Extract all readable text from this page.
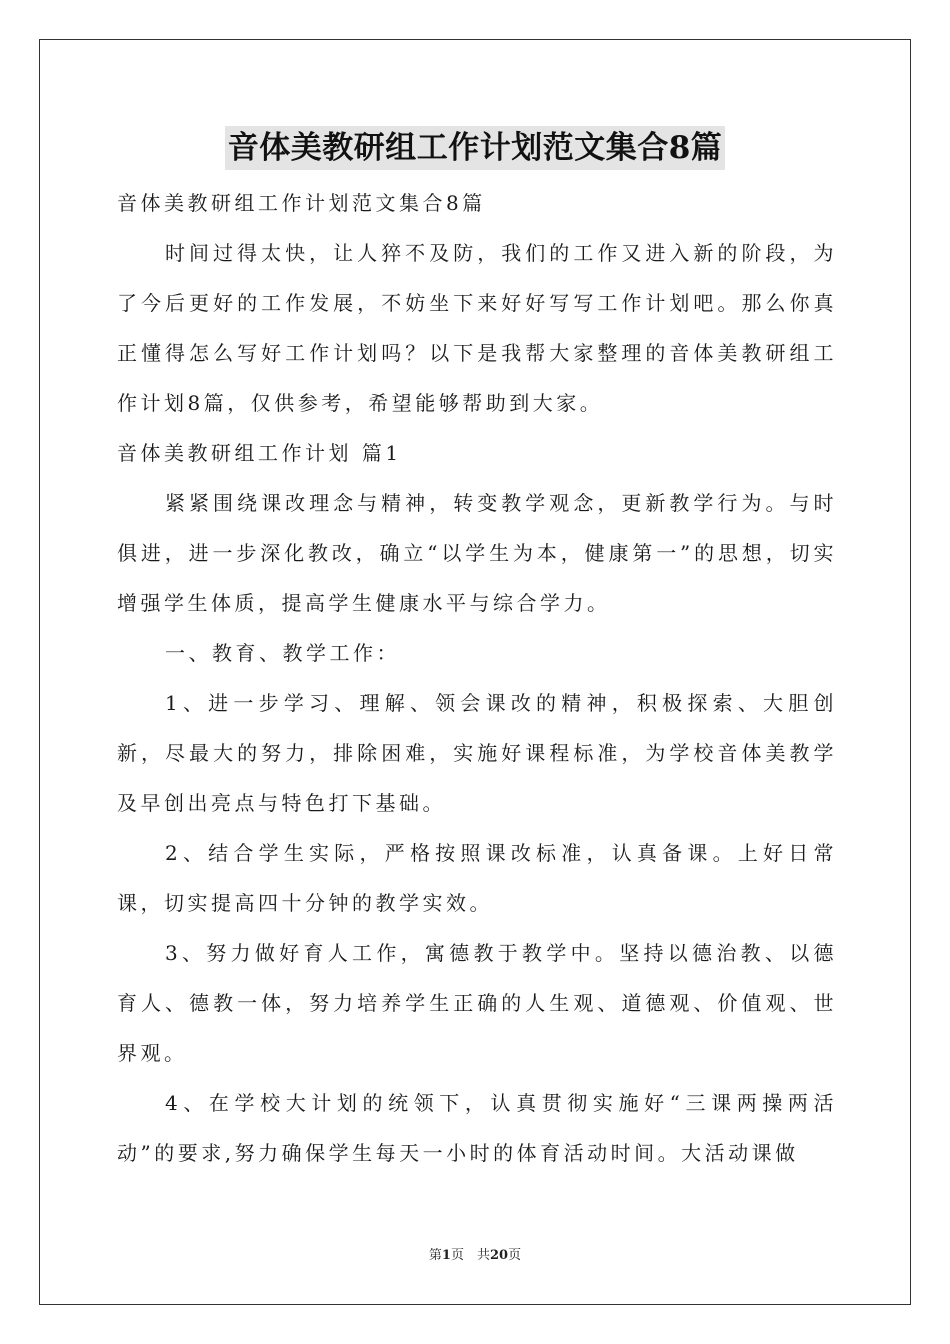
音体美教研组工作计划范文集合8篇

音体美教研组工作计划范文集合8篇

时间过得太快，让人猝不及防，我们的工作又进入新的阶段，为了今后更好的工作发展，不妨坐下来好好写写工作计划吧。那么你真正懂得怎么写好工作计划吗？以下是我帮大家整理的音体美教研组工作计划8篇，仅供参考，希望能够帮助到大家。

音体美教研组工作计划 篇1

紧紧围绕课改理念与精神，转变教学观念，更新教学行为。与时俱进，进一步深化教改，确立“以学生为本，健康第一”的思想，切实增强学生体质，提高学生健康水平与综合学力。

一、教育、教学工作：

1、进一步学习、理解、领会课改的精神，积极探索、大胆创新，尽最大的努力，排除困难，实施好课程标准，为学校音体美教学及早创出亮点与特色打下基础。

2、结合学生实际，严格按照课改标准，认真备课。上好日常课，切实提高四十分钟的教学实效。

3、努力做好育人工作，寓德教于教学中。坚持以德治教、以德育人、德教一体，努力培养学生正确的人生观、道德观、价值观、世界观。

4、在学校大计划的统领下，认真贯彻实施好“三课两操两活动”的要求,努力确保学生每天一小时的体育活动时间。大活动课做

第1页　共20页
